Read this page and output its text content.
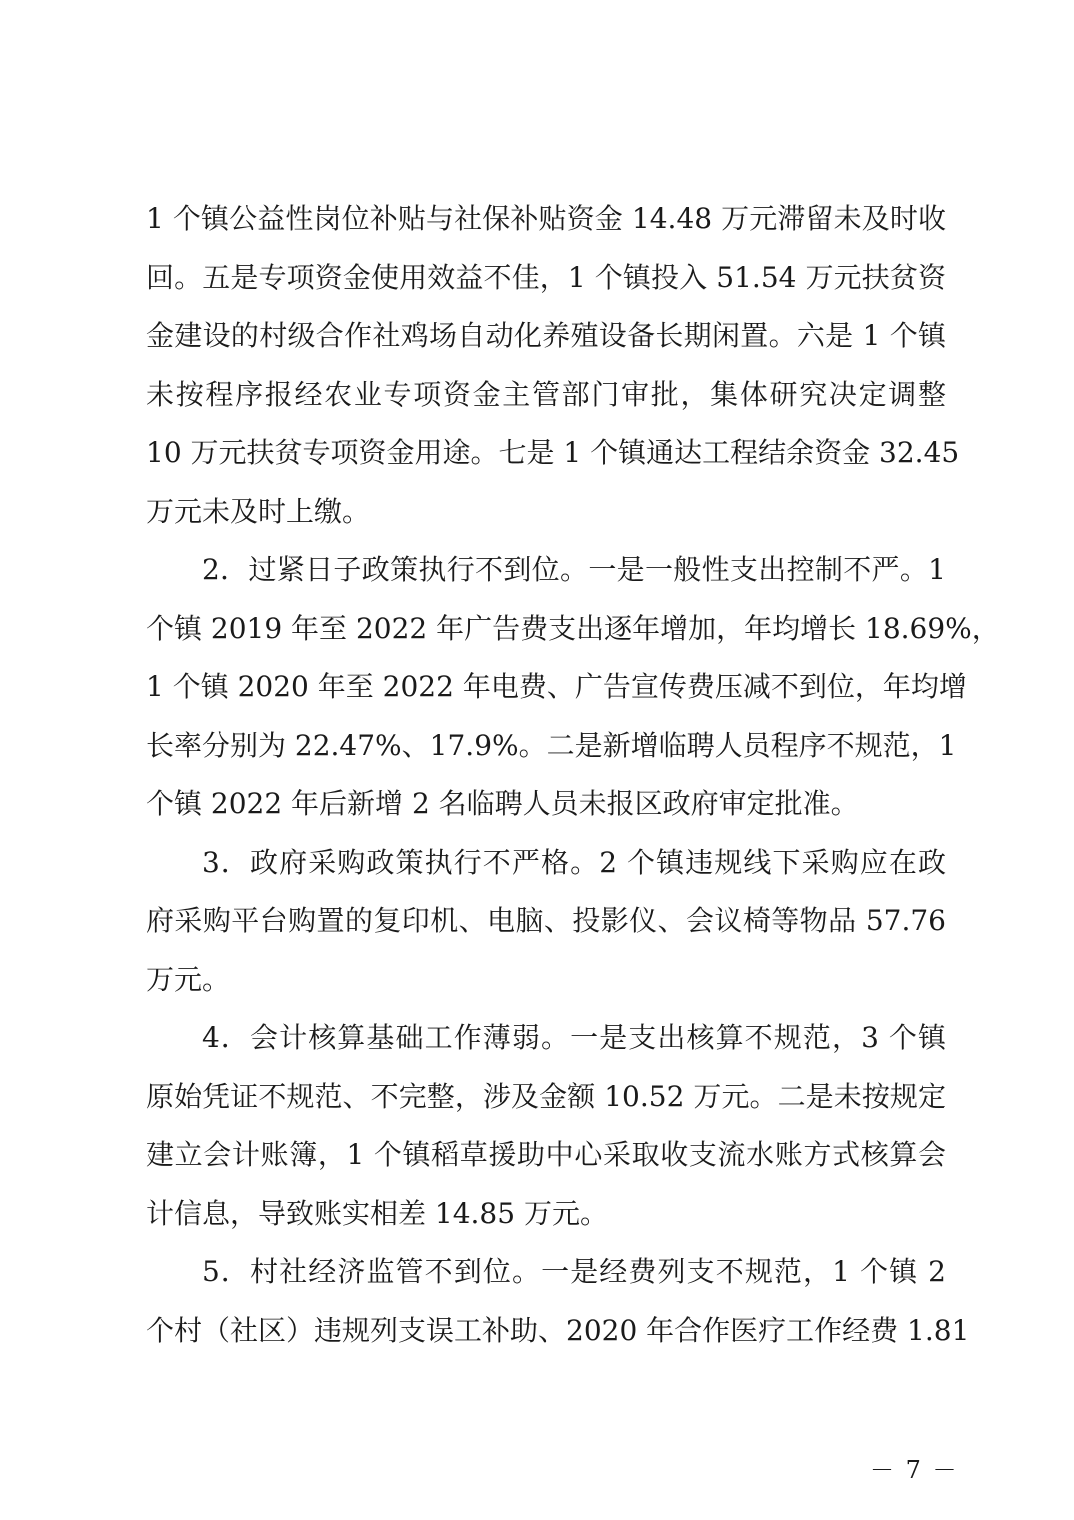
1 个镇公益性岗位补贴与社保补贴资金 14.48 万元滞留未及时收
回。五是专项资金使用效益不佳，1 个镇投入 51.54 万元扶贫资
金建设的村级合作社鸡场自动化养殖设备长期闲置。六是 1 个镇
未按程序报经农业专项资金主管部门审批，集体研究决定调整
10 万元扶贫专项资金用途。七是 1 个镇通达工程结余资金 32.45
万元未及时上缴。
2．过紧日子政策执行不到位。一是一般性支出控制不严。1
个镇 2019 年至 2022 年广告费支出逐年增加，年均增长 18.69%，
1 个镇 2020 年至 2022 年电费、广告宣传费压减不到位，年均增
长率分别为 22.47%、17.9%。二是新增临聘人员程序不规范，1
个镇 2022 年后新增 2 名临聘人员未报区政府审定批准。
3．政府采购政策执行不严格。2 个镇违规线下采购应在政
府采购平台购置的复印机、电脑、投影仪、会议椅等物品 57.76
万元。
4．会计核算基础工作薄弱。一是支出核算不规范，3 个镇
原始凭证不规范、不完整，涉及金额 10.52 万元。二是未按规定
建立会计账簿，1 个镇稻草援助中心采取收支流水账方式核算会
计信息，导致账实相差 14.85 万元。
5．村社经济监管不到位。一是经费列支不规范，1 个镇 2
个村（社区）违规列支误工补助、2020 年合作医疗工作经费 1.81
－ 7 －
